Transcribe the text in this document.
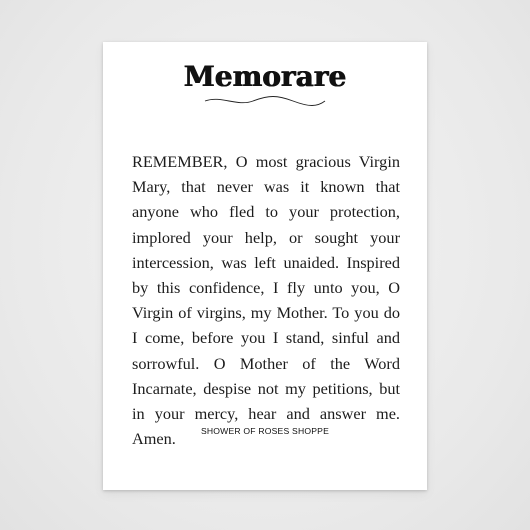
Memorare

REMEMBER, O most gracious Virgin Mary, that never was it known that anyone who fled to your protection, implored your help, or sought your intercession, was left unaided. Inspired by this confidence, I fly unto you, O Virgin of virgins, my Mother. To you do I come, before you I stand, sinful and sorrowful. O Mother of the Word Incarnate, despise not my petitions, but in your mercy, hear and answer me. Amen.	SHOWER OF ROSES SHOPPE
